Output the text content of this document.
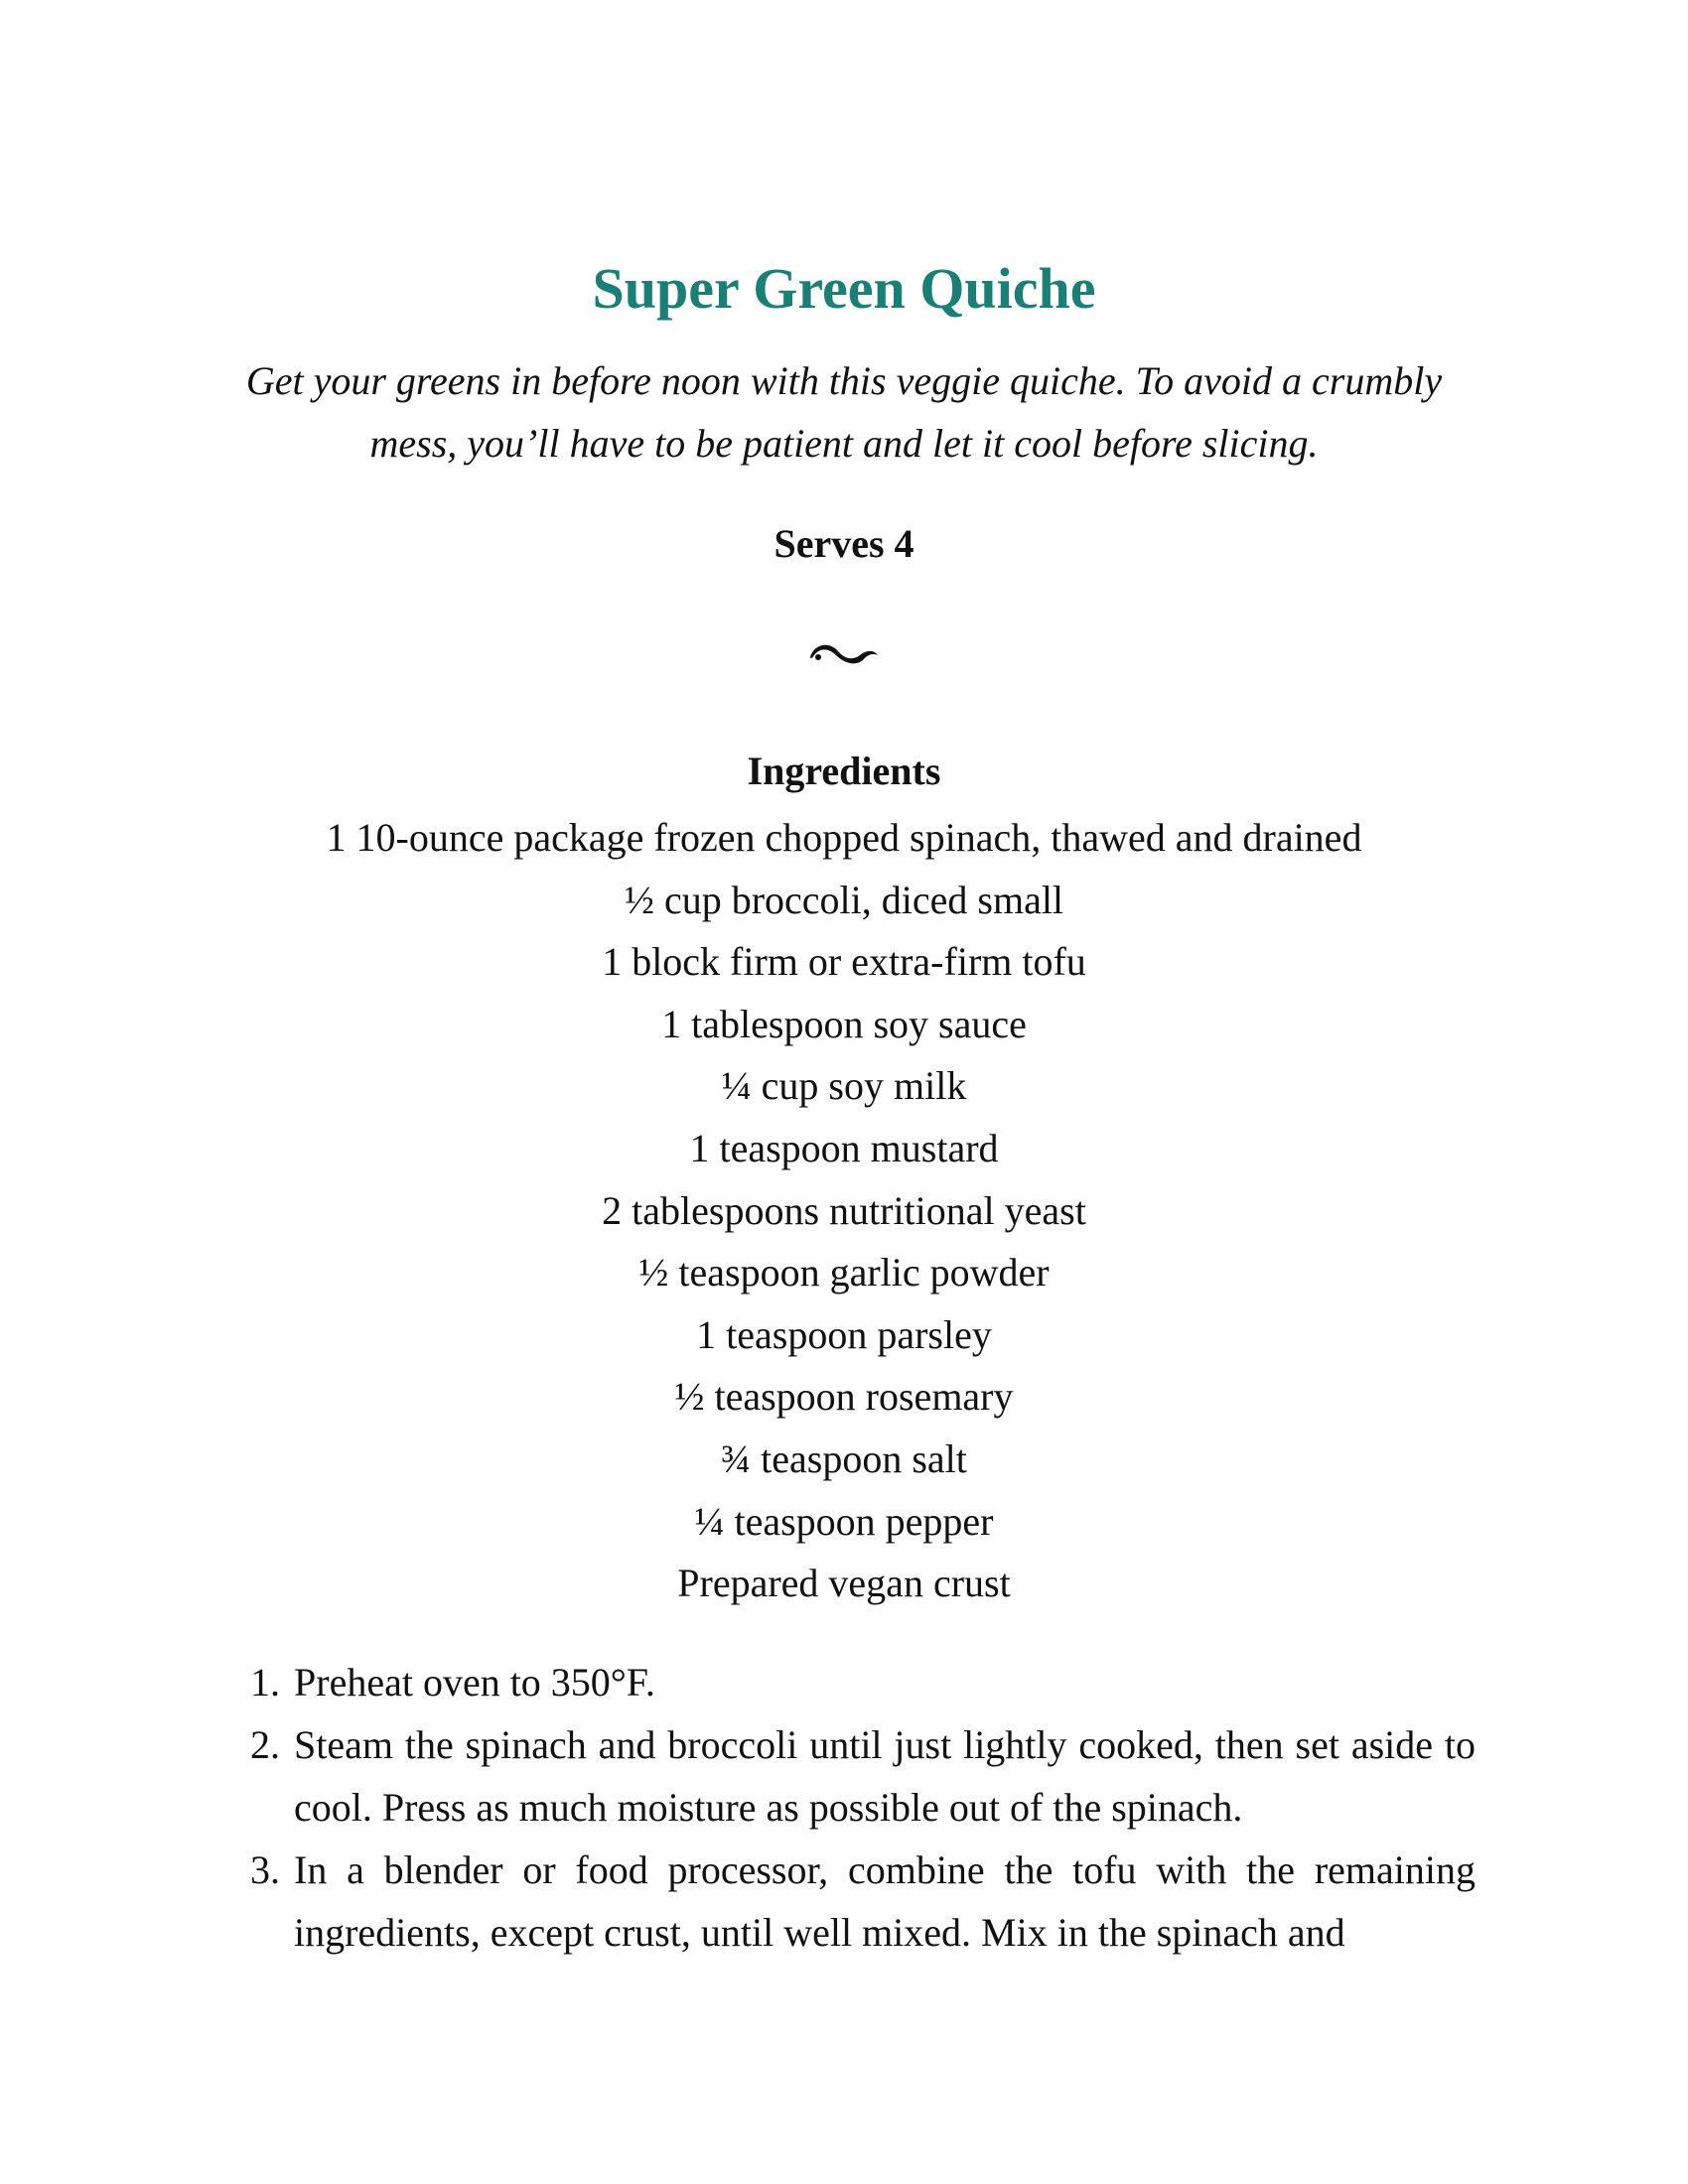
Super Green Quiche

Get your greens in before noon with this veggie quiche. To avoid a crumbly mess, you’ll have to be patient and let it cool before slicing.

Serves 4
Ingredients
1 10-ounce package frozen chopped spinach, thawed and drained
½ cup broccoli, diced small
1 block firm or extra-firm tofu
1 tablespoon soy sauce
¼ cup soy milk
1 teaspoon mustard
2 tablespoons nutritional yeast
½ teaspoon garlic powder
1 teaspoon parsley
½ teaspoon rosemary
¾ teaspoon salt
¼ teaspoon pepper
Prepared vegan crust
1. Preheat oven to 350°F.
2. Steam the spinach and broccoli until just lightly cooked, then set aside to cool. Press as much moisture as possible out of the spinach.
3. In a blender or food processor, combine the tofu with the remaining ingredients, except crust, until well mixed. Mix in the spinach and
